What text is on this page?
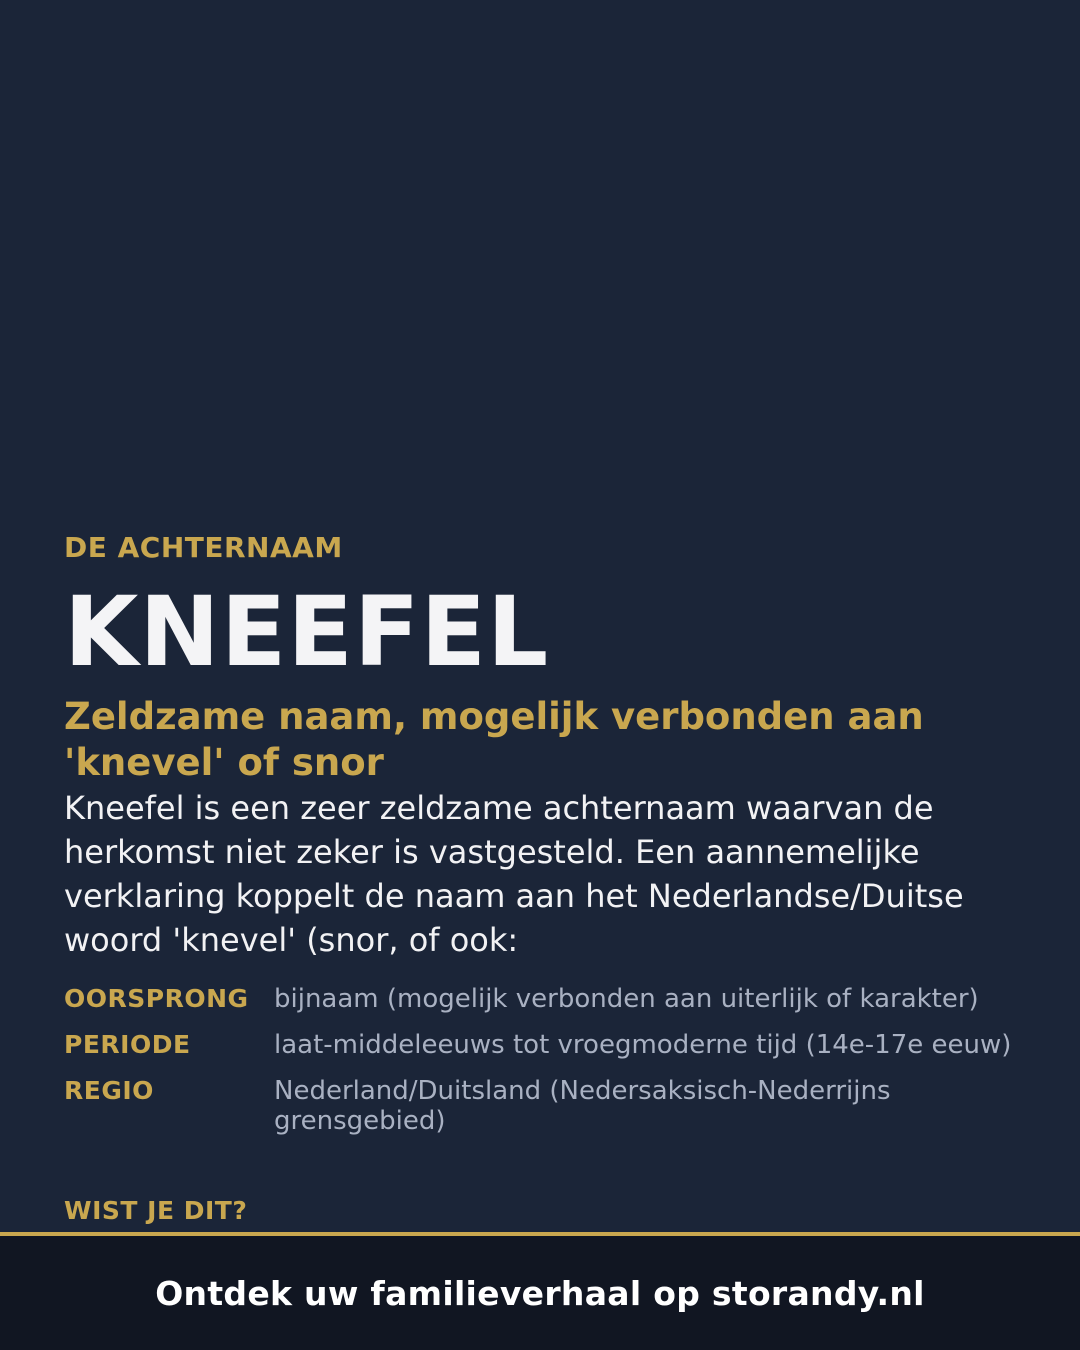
DE ACHTERNAAM
KNEEFEL
Zeldzame naam, mogelijk verbonden aan 'knevel' of snor
Kneefel is een zeer zeldzame achternaam waarvan de herkomst niet zeker is vastgesteld. Een aannemelijke verklaring koppelt de naam aan het Nederlandse/Duitse woord 'knevel' (snor, of ook:
OORSPRONG bijnaam (mogelijk verbonden aan uiterlijk of karakter)
PERIODE	laat-middeleeuws tot vroegmoderne tijd (14e-17e eeuw)
REGIO	Nederland/Duitsland (Nedersaksisch-Nederrijns grensgebied)
WIST JE DIT?
Ontdek uw familieverhaal op storandy.nl
